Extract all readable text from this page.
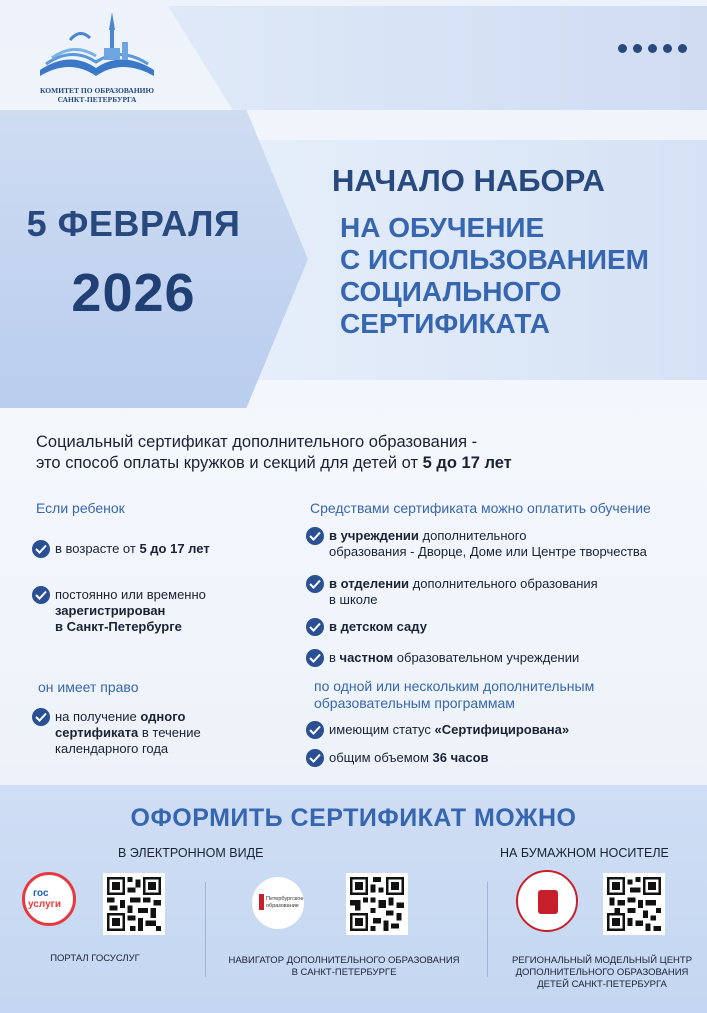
КОМИТЕТ ПО ОБРАЗОВАНИЮ
САНКТ-ПЕТЕРБУРГА
5 ФЕВРАЛЯ
2026
НАЧАЛО НАБОРА
НА ОБУЧЕНИЕ
С ИСПОЛЬЗОВАНИЕМ
СОЦИАЛЬНОГО
СЕРТИФИКАТА
Социальный сертификат дополнительного образования -
это способ оплаты кружков и секций для детей от 5 до 17 лет
Если ребенок
в возрасте от 5 до 17 лет
постоянно или временно
зарегистрирован
в Санкт-Петербурге
он имеет право
на получение одного
сертификата в течение
календарного года
Средствами сертификата можно оплатить обучение
в учреждении дополнительного
образования - Дворце, Доме или Центре творчества
в отделении дополнительного образования
в школе
в детском саду
в частном образовательном учреждении
по одной или нескольким дополнительным
образовательным программам
имеющим статус «Сертифицирована»
общим объемом 36 часов
ОФОРМИТЬ СЕРТИФИКАТ МОЖНО
В ЭЛЕКТРОННОМ ВИДЕ	НА БУМАЖНОМ НОСИТЕЛЕ
гос
услуги
ПОРТАЛ ГОСУСЛУГ
Петербургское образование
НАВИГАТОР ДОПОЛНИТЕЛЬНОГО ОБРАЗОВАНИЯ
В САНКТ-ПЕТЕРБУРГЕ
РЕГИОНАЛЬНЫЙ МОДЕЛЬНЫЙ ЦЕНТР
ДОПОЛНИТЕЛЬНОГО ОБРАЗОВАНИЯ
ДЕТЕЙ САНКТ-ПЕТЕРБУРГА
